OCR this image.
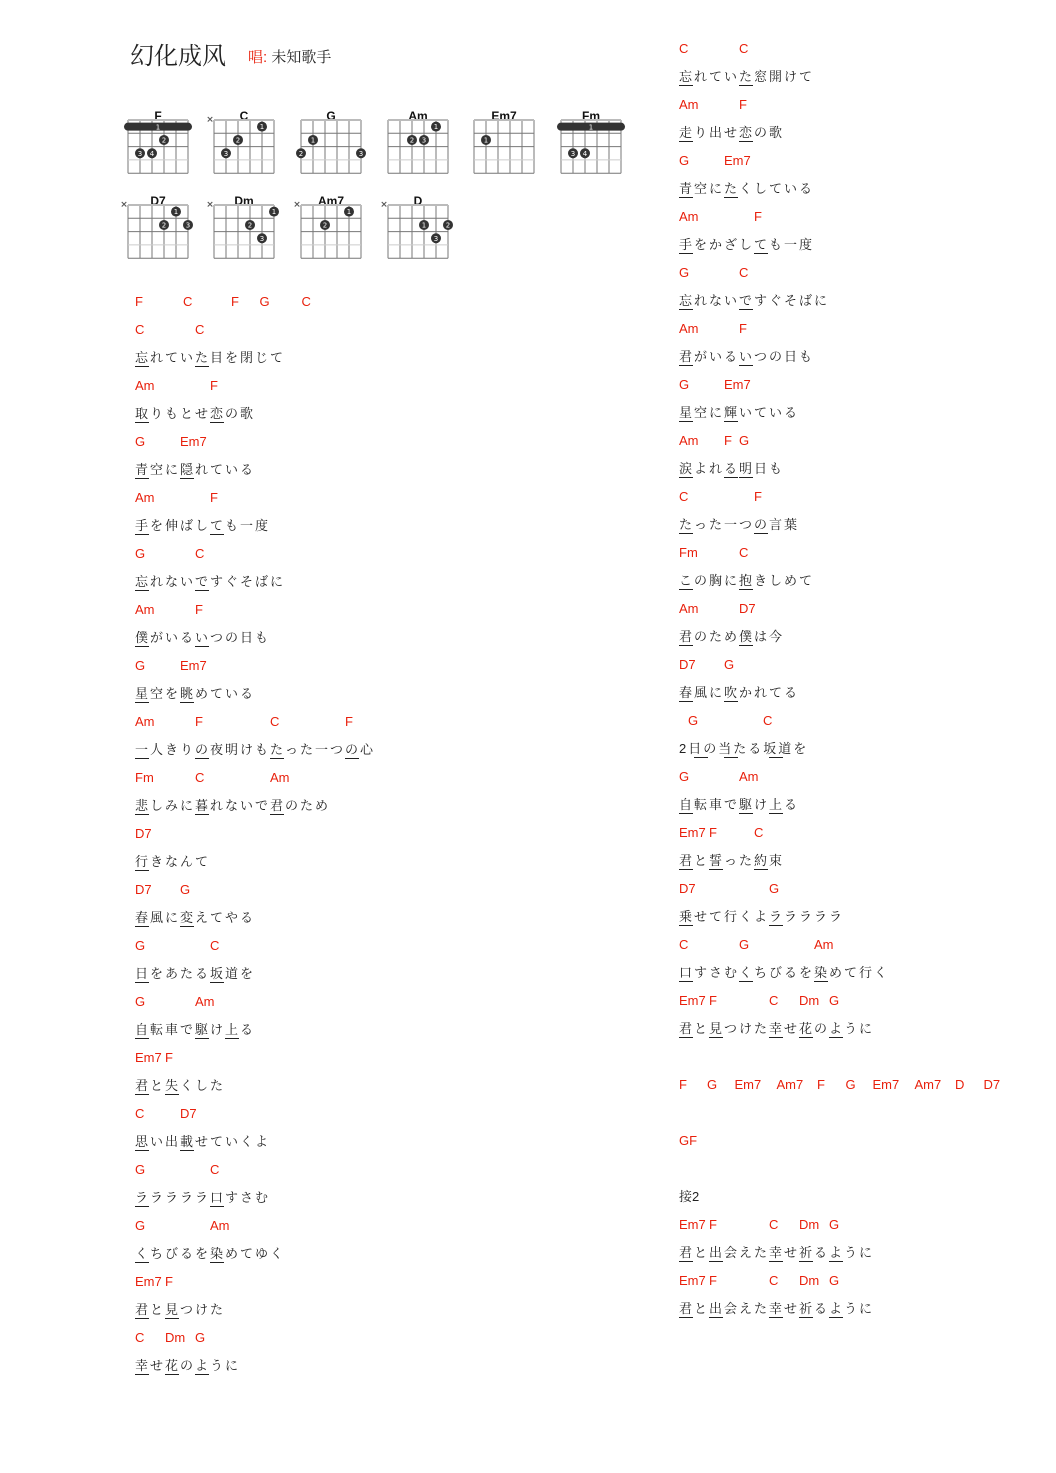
幻化成风 唱: 未知歌手
F
1
2
3 4
C
×
1
2
3
G
1
2	3
Am
1
2 3
Em7
1
Fm
1
3 4
D7
×
1
2	3
Dm
×
1
2
3
Am7
×
1
2
D
×
1	2
3
F	C	F G C
C	C
忘れていた目を閉じて
Am	F
取りもとせ恋の歌
G	Em7
青空に隠れている
Am	F
手を伸ばしても一度
G	C
忘れないですぐそばに
Am	F
僕がいるいつの日も
G	Em7
星空を眺めている
Am	F	C	F
一人きりの夜明けもたった一つの心
Fm	C	Am
悲しみに暮れないで君のため
D7
行きなんて
D7 G
春風に変えてやる
G	C
日をあたる坂道を
G	Am
自転車で駆け上る
Em7 F
君と失くした
C	D7
思い出載せていくよ
G	C
ラララララ口すさむ
G	Am
くちびるを染めてゆく
Em7 F
君と見つけた
C Dm G
幸せ花のように
C	C
忘れていた窓開けて
Am	F
走り出せ恋の歌
G	Em7
青空にたくしている
Am	F
手をかざしても一度
G	C
忘れないですぐそばに
Am	F
君がいるいつの日も
G	Em7
星空に輝いている
Am F G
涙よれる明日も
C	F
たった一つの言葉
Fm	C
この胸に抱きしめて
Am	D7
君のため僕は今
D7 G
春風に吹かれてる
G	C
2日の当たる坂道を
G	Am
自転車で駆け上る
Em7 F	C
君と誓った約束
D7	G
乗せて行くよラララララ
C	G	Am
口すさむくちびるを染めて行く
Em7 F	C Dm G
君と見つけた幸せ花のように
F G Em7 Am7 F G Em7 Am7 D D7
GF
接2
Em7 F	C Dm G
君と出会えた幸せ祈るように
Em7 F	C Dm G
君と出会えた幸せ祈るように
